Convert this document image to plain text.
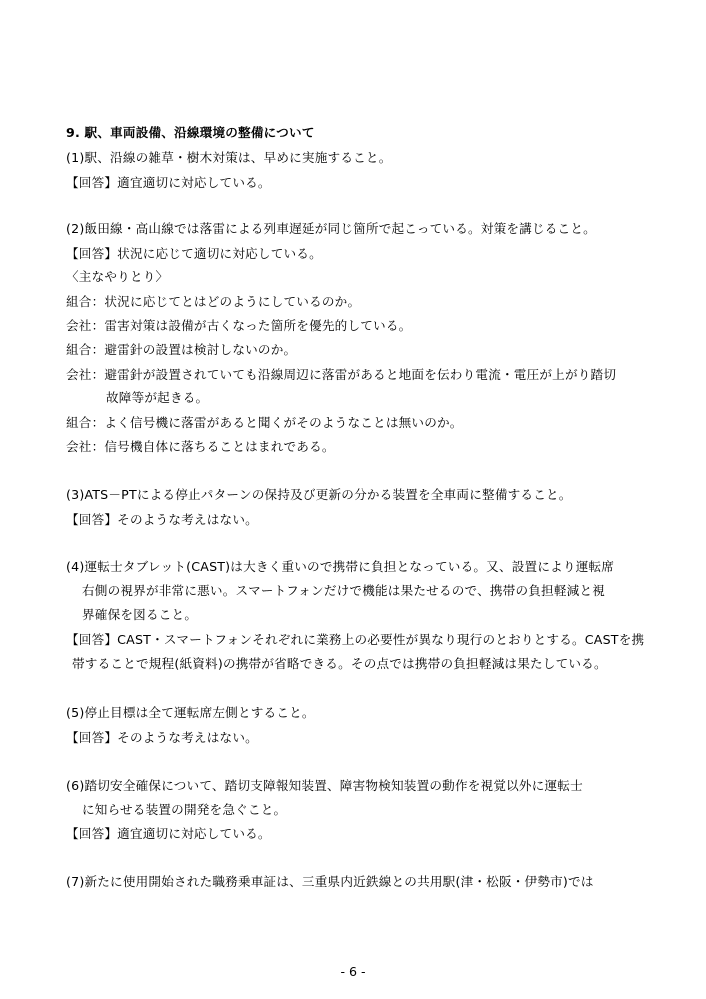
9. 駅、車両設備、沿線環境の整備について
(1)駅、沿線の雑草・樹木対策は、早めに実施すること。
【回答】適宜適切に対応している。
(2)飯田線・高山線では落雷による列車遅延が同じ箇所で起こっている。対策を講じること。
【回答】状況に応じて適切に対応している。
〈主なやりとり〉
組合：状況に応じてとはどのようにしているのか。
会社：雷害対策は設備が古くなった箇所を優先的している。
組合：避雷針の設置は検討しないのか。
会社：避雷針が設置されていても沿線周辺に落雷があると地面を伝わり電流・電圧が上がり踏切
故障等が起きる。
組合：よく信号機に落雷があると聞くがそのようなことは無いのか。
会社：信号機自体に落ちることはまれである。
(3)ATS－PTによる停止パターンの保持及び更新の分かる装置を全車両に整備すること。
【回答】そのような考えはない。
(4)運転士タブレット(CAST)は大きく重いので携帯に負担となっている。又、設置により運転席
右側の視界が非常に悪い。スマートフォンだけで機能は果たせるので、携帯の負担軽減と視
界確保を図ること。
【回答】CAST・スマートフォンそれぞれに業務上の必要性が異なり現行のとおりとする。CASTを携
帯することで規程(紙資料)の携帯が省略できる。その点では携帯の負担軽減は果たしている。
(5)停止目標は全て運転席左側とすること。
【回答】そのような考えはない。
(6)踏切安全確保について、踏切支障報知装置、障害物検知装置の動作を視覚以外に運転士
に知らせる装置の開発を急ぐこと。
【回答】適宜適切に対応している。
(7)新たに使用開始された職務乗車証は、三重県内近鉄線との共用駅(津・松阪・伊勢市)では
- 6 -
